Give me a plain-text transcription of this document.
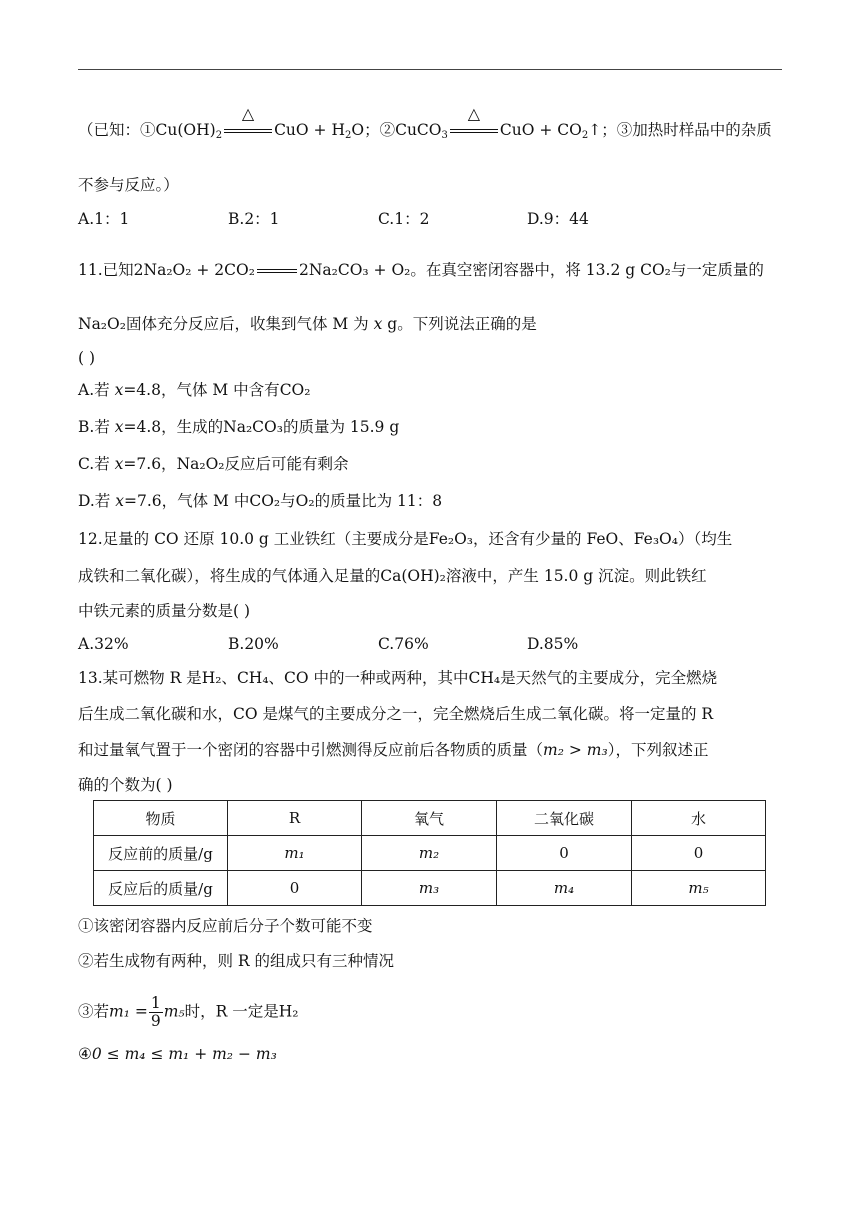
（已知：$①Cu(OH)_2$
△
CuO + $H_2O$；②CuCO$_3$
△
CuO + $CO_2↑$；③加热时样品中的杂质
不参与反应。）
A.1：1	B.2：1	C.1：2	D.9：44
11.已知2Na₂O₂ + 2CO₂	2Na₂CO₃ + O₂。在真空密闭容器中，将 13.2 g CO₂与一定质量的
Na₂O₂固体充分反应后，收集到气体 M 为 x g。下列说法正确的是
( )
A.若 x=4.8，气体 M 中含有CO₂
B.若 x=4.8，生成的Na₂CO₃的质量为 15.9 g
C.若 x=7.6，Na₂O₂反应后可能有剩余
D.若 x=7.6，气体 M 中CO₂与O₂的质量比为 11：8
12.足量的 CO 还原 10.0 g 工业铁红（主要成分是Fe₂O₃，还含有少量的 FeO、Fe₃O₄）（均生
成铁和二氧化碳），将生成的气体通入足量的Ca(OH)₂溶液中，产生 15.0 g 沉淀。则此铁红
中铁元素的质量分数是( )
A.32%	B.20%	C.76%	D.85%
13.某可燃物 R 是H₂、CH₄、CO 中的一种或两种，其中CH₄是天然气的主要成分，完全燃烧
后生成二氧化碳和水，CO 是煤气的主要成分之一，完全燃烧后生成二氧化碳。将一定量的 R
和过量氧气置于一个密闭的容器中引燃测得反应前后各物质的质量（m₂ > m₃），下列叙述正
确的个数为( )
物质	R	氧气	二氧化碳	水
反应前的质量/g	m₁	m₂	0	0
反应后的质量/g	0	m₃	m₄	m₅
①该密闭容器内反应前后分子个数可能不变
②若生成物有两种，则 R 的组成只有三种情况
③若$m_1 = \frac{1}{9} m_5$时，R 一定是H₂
④0 ≤ m₄ ≤ m₁ + m₂ − m₃
